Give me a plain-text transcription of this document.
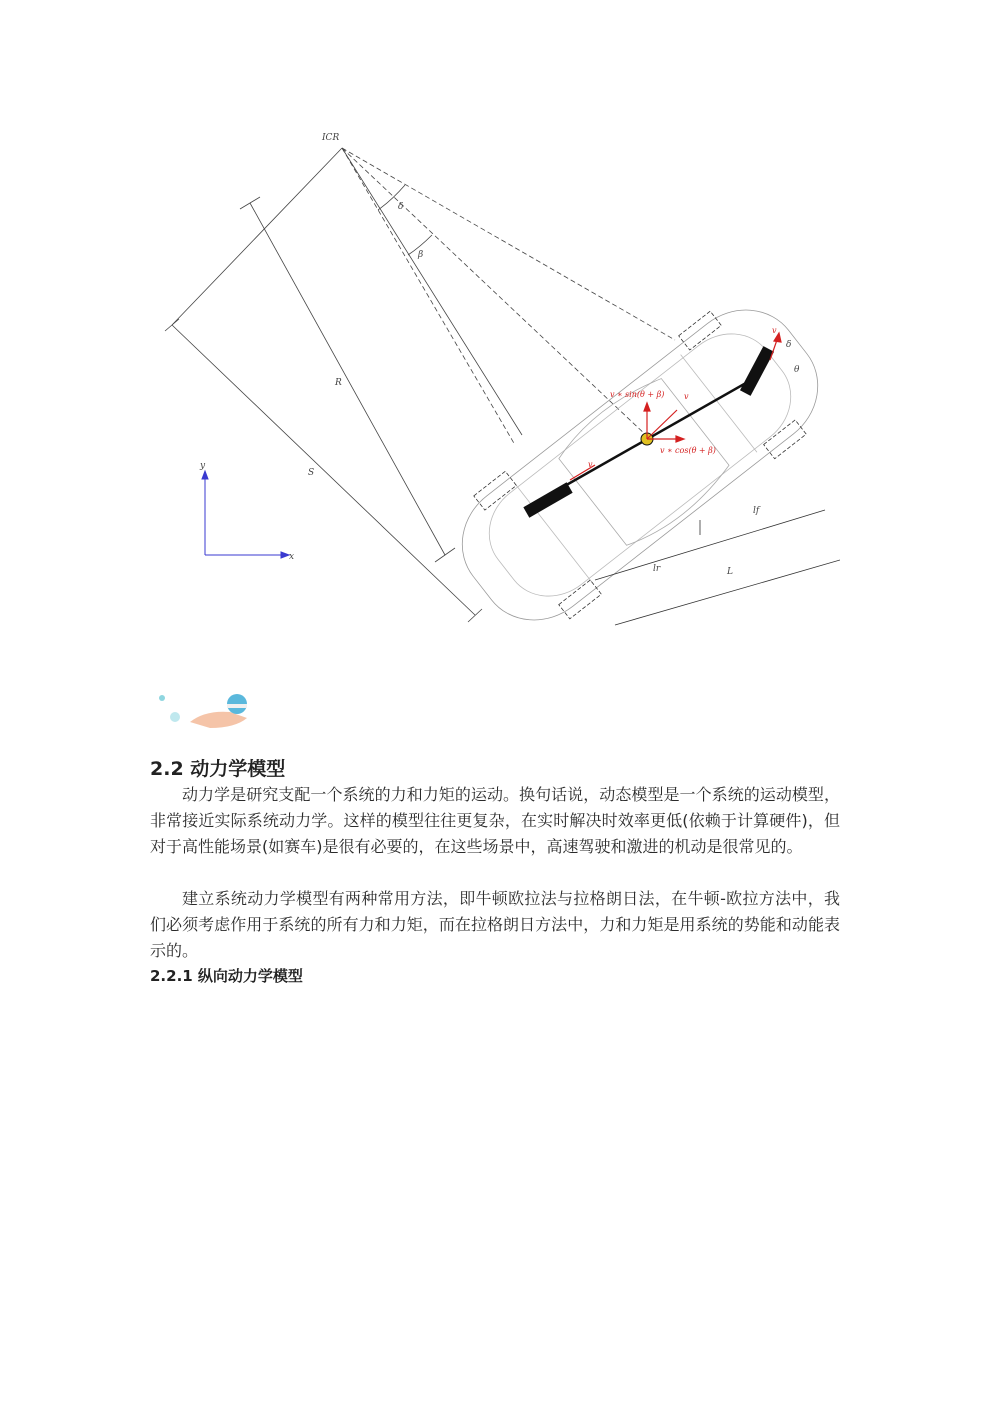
ICR
δ
β
R
S
y
x
lf
lr	L
θ
δ
v
v
v
v ∗ sin(θ + β)
v ∗ cos(θ + β)
2.2 动力学模型

动力学是研究支配一个系统的力和力矩的运动。换句话说，动态模型是一个系统的运动模型，非常接近实际系统动力学。这样的模型往往更复杂，在实时解决时效率更低(依赖于计算硬件)，但对于高性能场景(如赛车)是很有必要的，在这些场景中，高速驾驶和激进的机动是很常见的。

建立系统动力学模型有两种常用方法，即牛顿欧拉法与拉格朗日法，在牛顿-欧拉方法中，我们必须考虑作用于系统的所有力和力矩，而在拉格朗日方法中，力和力矩是用系统的势能和动能表示的。

2.2.1 纵向动力学模型
